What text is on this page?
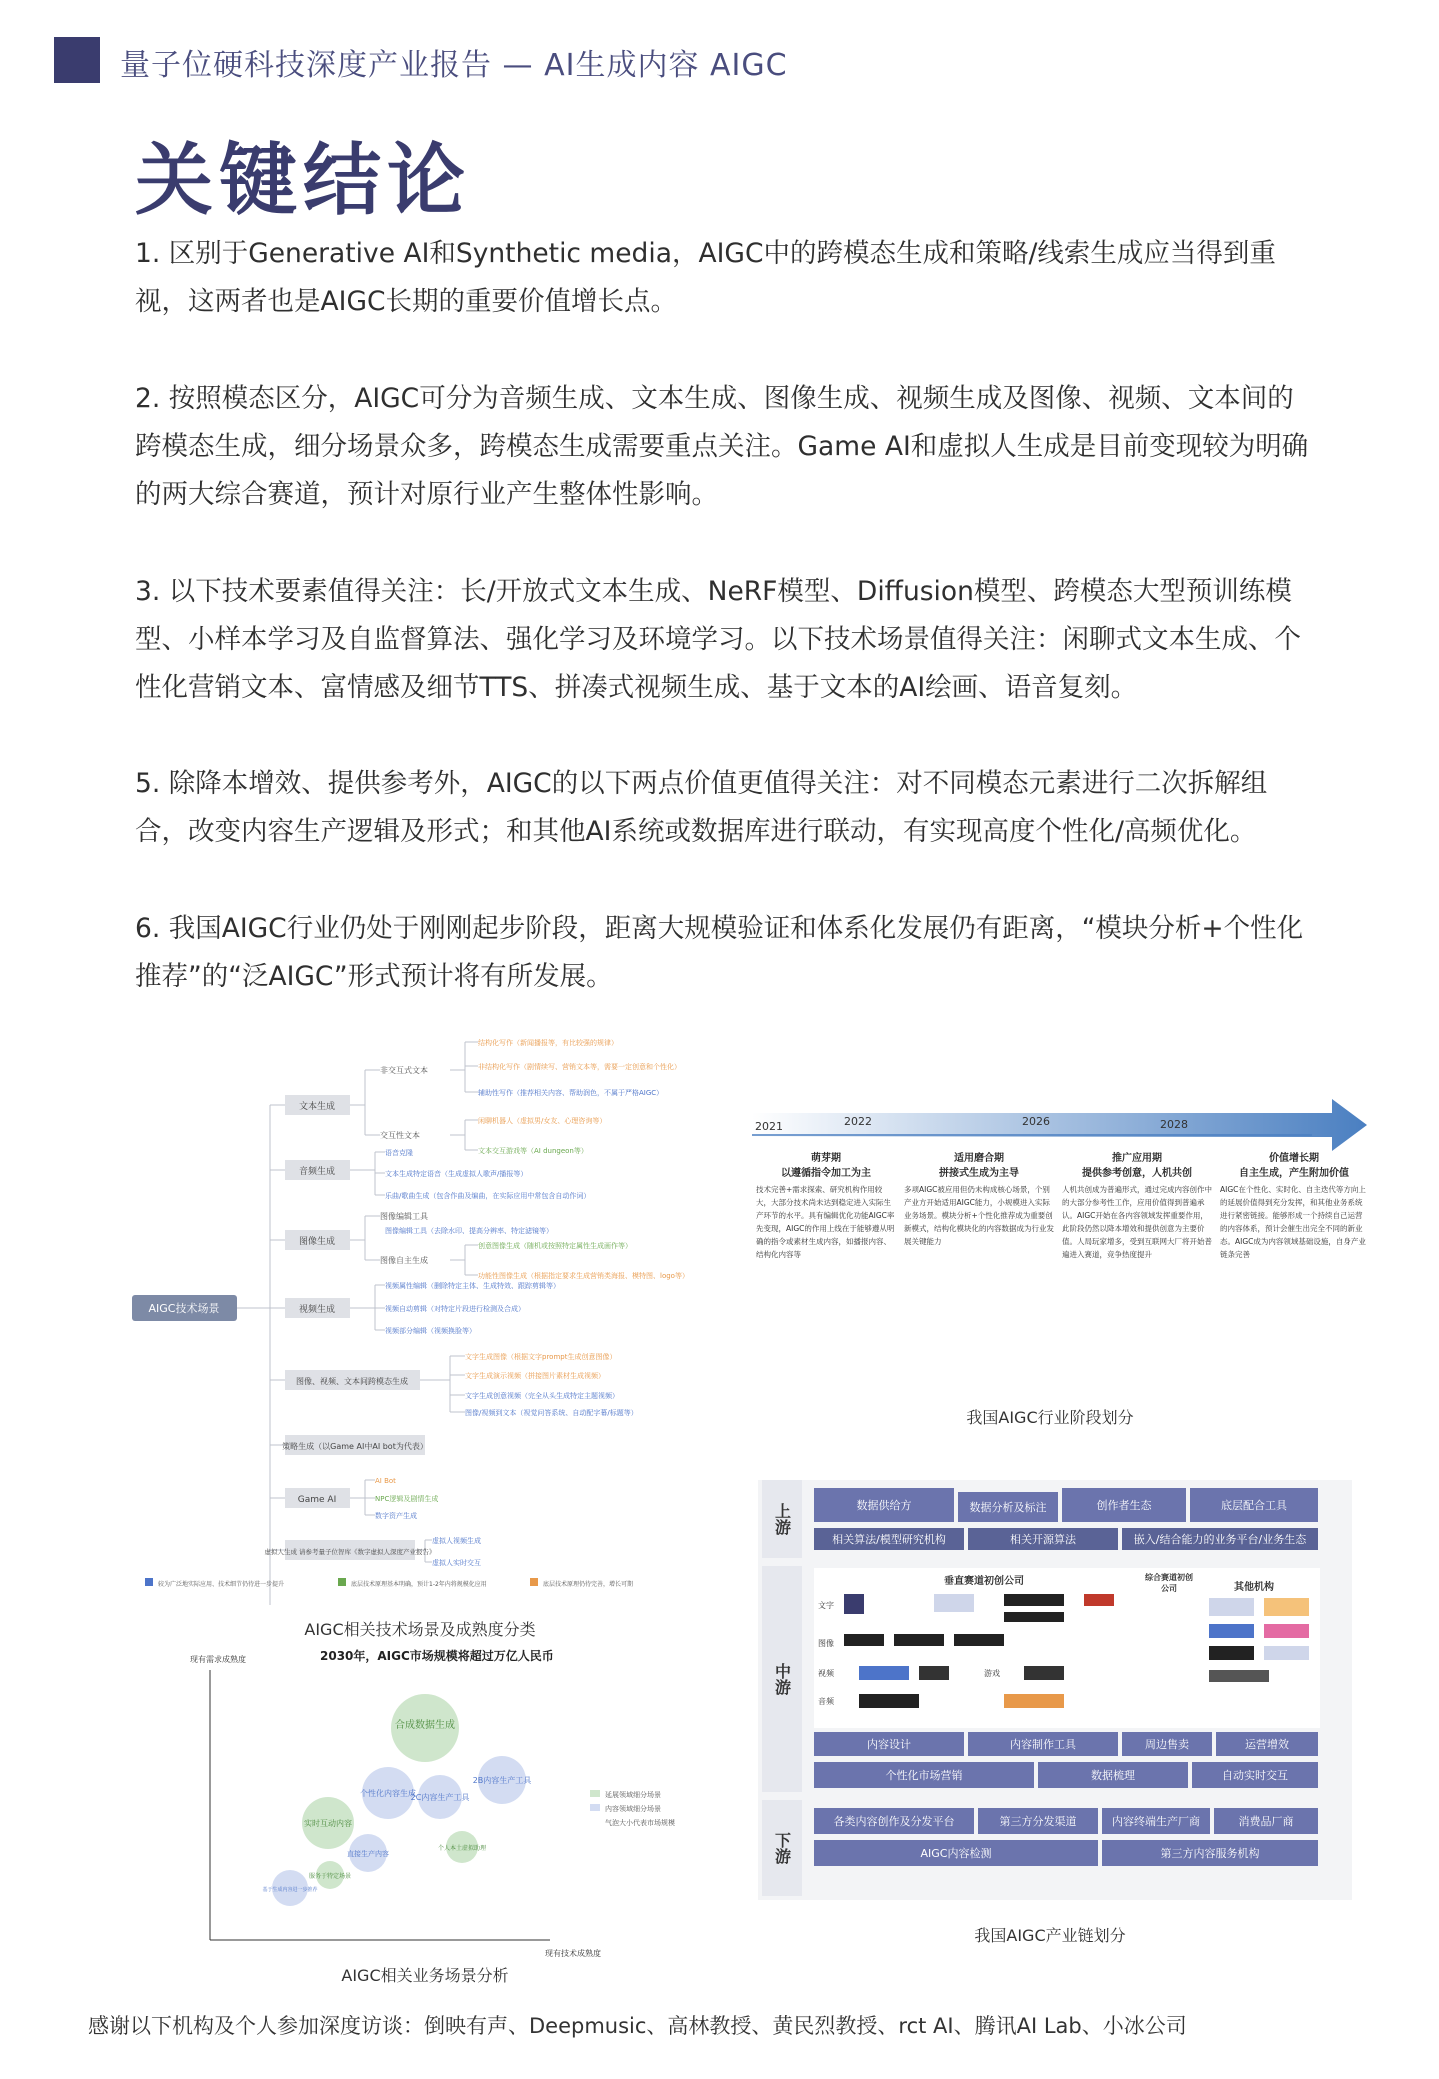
量子位硬科技深度产业报告 — AI生成内容 AIGC
关键结论

1. 区别于Generative AI和Synthetic media，AIGC中的跨模态生成和策略/线索生成应当得到重视，这两者也是AIGC长期的重要价值增长点。

2. 按照模态区分，AIGC可分为音频生成、文本生成、图像生成、视频生成及图像、视频、文本间的跨模态生成，细分场景众多，跨模态生成需要重点关注。Game AI和虚拟人生成是目前变现较为明确的两大综合赛道，预计对原行业产生整体性影响。

3. 以下技术要素值得关注：长/开放式文本生成、NeRF模型、Diffusion模型、跨模态大型预训练模型、小样本学习及自监督算法、强化学习及环境学习。以下技术场景值得关注：闲聊式文本生成、个性化营销文本、富情感及细节TTS、拼凑式视频生成、基于文本的AI绘画、语音复刻。

5. 除降本增效、提供参考外，AIGC的以下两点价值更值得关注：对不同模态元素进行二次拆解组合，改变内容生产逻辑及形式；和其他AI系统或数据库进行联动，有实现高度个性化/高频优化。

6. 我国AIGC行业仍处于刚刚起步阶段，距离大规模验证和体系化发展仍有距离，“模块分析+个性化推荐”的“泛AIGC”形式预计将有所发展。

AIGC技术场景
文本生成
音频生成
图像生成
视频生成
图像、视频、文本间跨模态生成
策略生成（以Game AI中AI bot为代表）
Game AI
虚拟人生成 请参考量子位智库《数字虚拟人深度产业报告》
非交互式文本
交互性文本
图像编辑工具
图像自主生成
结构化写作（新闻播报等，有比较强的规律）
非结构化写作（剧情续写、营销文本等，需要一定创意和个性化）
辅助性写作（推荐相关内容、帮助润色，不属于严格AIGC）
闲聊机器人（虚拟男/女友、心理咨询等）
文本交互游戏等（AI dungeon等）
语音克隆
文本生成特定语音（生成虚拟人歌声/播报等）
乐曲/歌曲生成（包含作曲及编曲，在实际应用中常包含自动作词）
图像编辑工具（去除水印、提高分辨率、特定滤镜等）
创意图像生成（随机或按照特定属性生成画作等）
功能性图像生成（根据指定要求生成营销类海报、模特图、logo等）
视频属性编辑（删除特定主体、生成特效、跟踪剪辑等）
视频自动剪辑（对特定片段进行检测及合成）
视频部分编辑（视频换脸等）
文字生成图像（根据文字prompt生成创意图像）
文字生成演示视频（拼接图片素材生成视频）
文字生成创意视频（完全从头生成特定主题视频）
图像/视频到文本（视觉问答系统、自动配字幕/标题等）
AI Bot
NPC逻辑及剧情生成
数字资产生成
虚拟人视频生成
虚拟人实时交互
较为广泛地实际应用、技术细节仍待进一步提升	底层技术原理基本明确，预计1-2年内将规模化应用	底层技术原理仍待完善，增长可期
AIGC相关技术场景及成熟度分类
2021	2022	2026	2028
萌芽期
以遵循指令加工为主
技术完善+需求探索、研究机构作用较大，大部分技术尚未达到稳定进入实际生产环节的水平。具有编辑优化功能AIGC率先变现，AIGC的作用上线在于能够遵从明确的指令或素材生成内容，如播报内容、结构化内容等
适用磨合期
拼接式生成为主导
多项AIGC被应用但仍未构成核心场景，个别产业方开始适用AIGC能力，小规模进入实际业务场景。模块分析+个性化推荐成为重要创新模式，结构化模块化的内容数据成为行业发展关键能力
推广应用期
提供参考创意，人机共创
人机共创成为普遍形式，通过完成内容创作中的大部分参考性工作，应用价值得到普遍承认。AIGC开始在各内容领域发挥重要作用，此阶段仍然以降本增效和提供创意为主要价值。人局玩家增多，受到互联网大厂将开始普遍进入赛道，竞争热度提升
价值增长期
自主生成，产生附加价值
AIGC在个性化、实时化、自主迭代等方向上的延展价值得到充分发挥，和其他业务系统进行紧密链接。能够形成一个持续自己运营的内容体系，预计会催生出完全不同的新业态。AIGC成为内容领域基础设施，自身产业链条完善
我国AIGC行业阶段划分
2030年，AIGC市场规模将超过万亿人民币
现有需求成熟度
现有技术成熟度
合成数据生成
2B内容生产工具
个性化内容生成
2C内容生产工具
实时互动内容
直接生产内容
个人本土虚拟助理
服务于特定场景
基于生成内容进一步推荐
延展领域细分场景
内容领域细分场景
气泡大小代表市场规模
AIGC相关业务场景分析
上游
中游
下游
数据供给方	数据分析及标注	创作者生态	底层配合工具
相关算法/模型研究机构	相关开源算法	嵌入/结合能力的业务平台/业务生态
垂直赛道初创公司	综合赛道初创公司	其他机构
文字
图像
视频
音频
游戏
内容设计	内容制作工具	周边售卖	运营增效
个性化市场营销	数据梳理	自动实时交互
各类内容创作及分发平台	第三方分发渠道	内容终端生产厂商	消费品厂商
AIGC内容检测	第三方内容服务机构
我国AIGC产业链划分
感谢以下机构及个人参加深度访谈：倒映有声、Deepmusic、高林教授、黄民烈教授、rct AI、腾讯AI Lab、小冰公司
